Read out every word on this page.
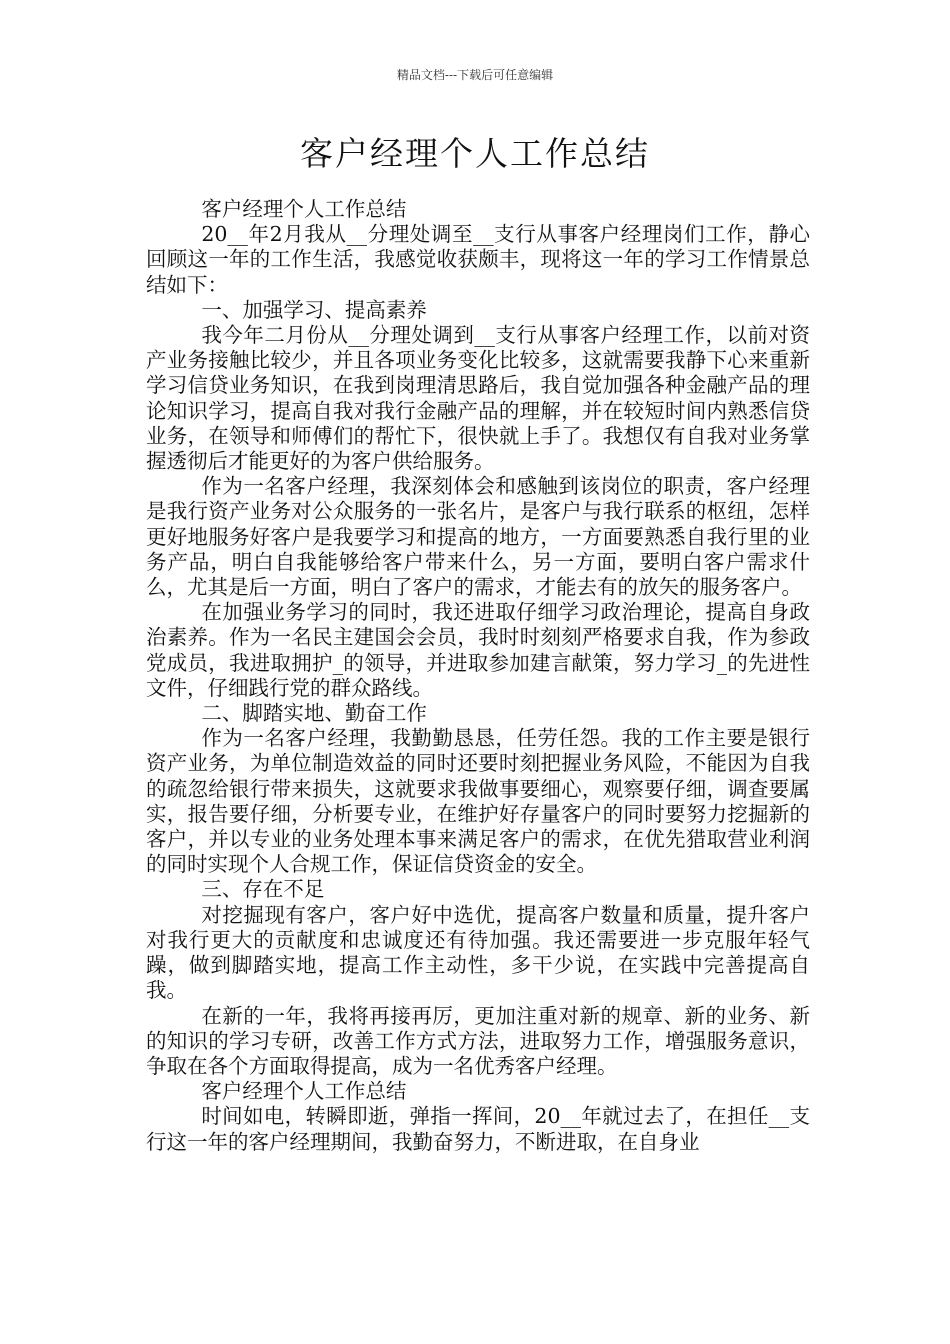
精品文档---下载后可任意编辑
客户经理个人工作总结

客户经理个人工作总结

20__年2月我从__分理处调至__支行从事客户经理岗们工作，静心回顾这一年的工作生活，我感觉收获颇丰，现将这一年的学习工作情景总结如下：

一、加强学习、提高素养

我今年二月份从__分理处调到__支行从事客户经理工作，以前对资产业务接触比较少，并且各项业务变化比较多，这就需要我静下心来重新学习信贷业务知识，在我到岗理清思路后，我自觉加强各种金融产品的理论知识学习，提高自我对我行金融产品的理解，并在较短时间内熟悉信贷业务，在领导和师傅们的帮忙下，很快就上手了。我想仅有自我对业务掌握透彻后才能更好的为客户供给服务。

作为一名客户经理，我深刻体会和感触到该岗位的职责，客户经理是我行资产业务对公众服务的一张名片，是客户与我行联系的枢纽，怎样更好地服务好客户是我要学习和提高的地方，一方面要熟悉自我行里的业务产品，明白自我能够给客户带来什么，另一方面，要明白客户需求什么，尤其是后一方面，明白了客户的需求，才能去有的放矢的服务客户。

在加强业务学习的同时，我还进取仔细学习政治理论，提高自身政治素养。作为一名民主建国会会员，我时时刻刻严格要求自我，作为参政党成员，我进取拥护_的领导，并进取参加建言献策，努力学习_的先进性文件，仔细践行党的群众路线。

二、脚踏实地、勤奋工作

作为一名客户经理，我勤勤恳恳，任劳任怨。我的工作主要是银行资产业务，为单位制造效益的同时还要时刻把握业务风险，不能因为自我的疏忽给银行带来损失，这就要求我做事要细心，观察要仔细，调查要属实，报告要仔细，分析要专业，在维护好存量客户的同时要努力挖掘新的客户，并以专业的业务处理本事来满足客户的需求，在优先猎取营业利润的同时实现个人合规工作，保证信贷资金的安全。

三、存在不足

对挖掘现有客户，客户好中选优，提高客户数量和质量，提升客户对我行更大的贡献度和忠诚度还有待加强。我还需要进一步克服年轻气躁，做到脚踏实地，提高工作主动性，多干少说，在实践中完善提高自我。

在新的一年，我将再接再厉，更加注重对新的规章、新的业务、新的知识的学习专研，改善工作方式方法，进取努力工作，增强服务意识，争取在各个方面取得提高，成为一名优秀客户经理。

客户经理个人工作总结

时间如电，转瞬即逝，弹指一挥间，20__年就过去了，在担任__支行这一年的客户经理期间，我勤奋努力，不断进取，在自身业
